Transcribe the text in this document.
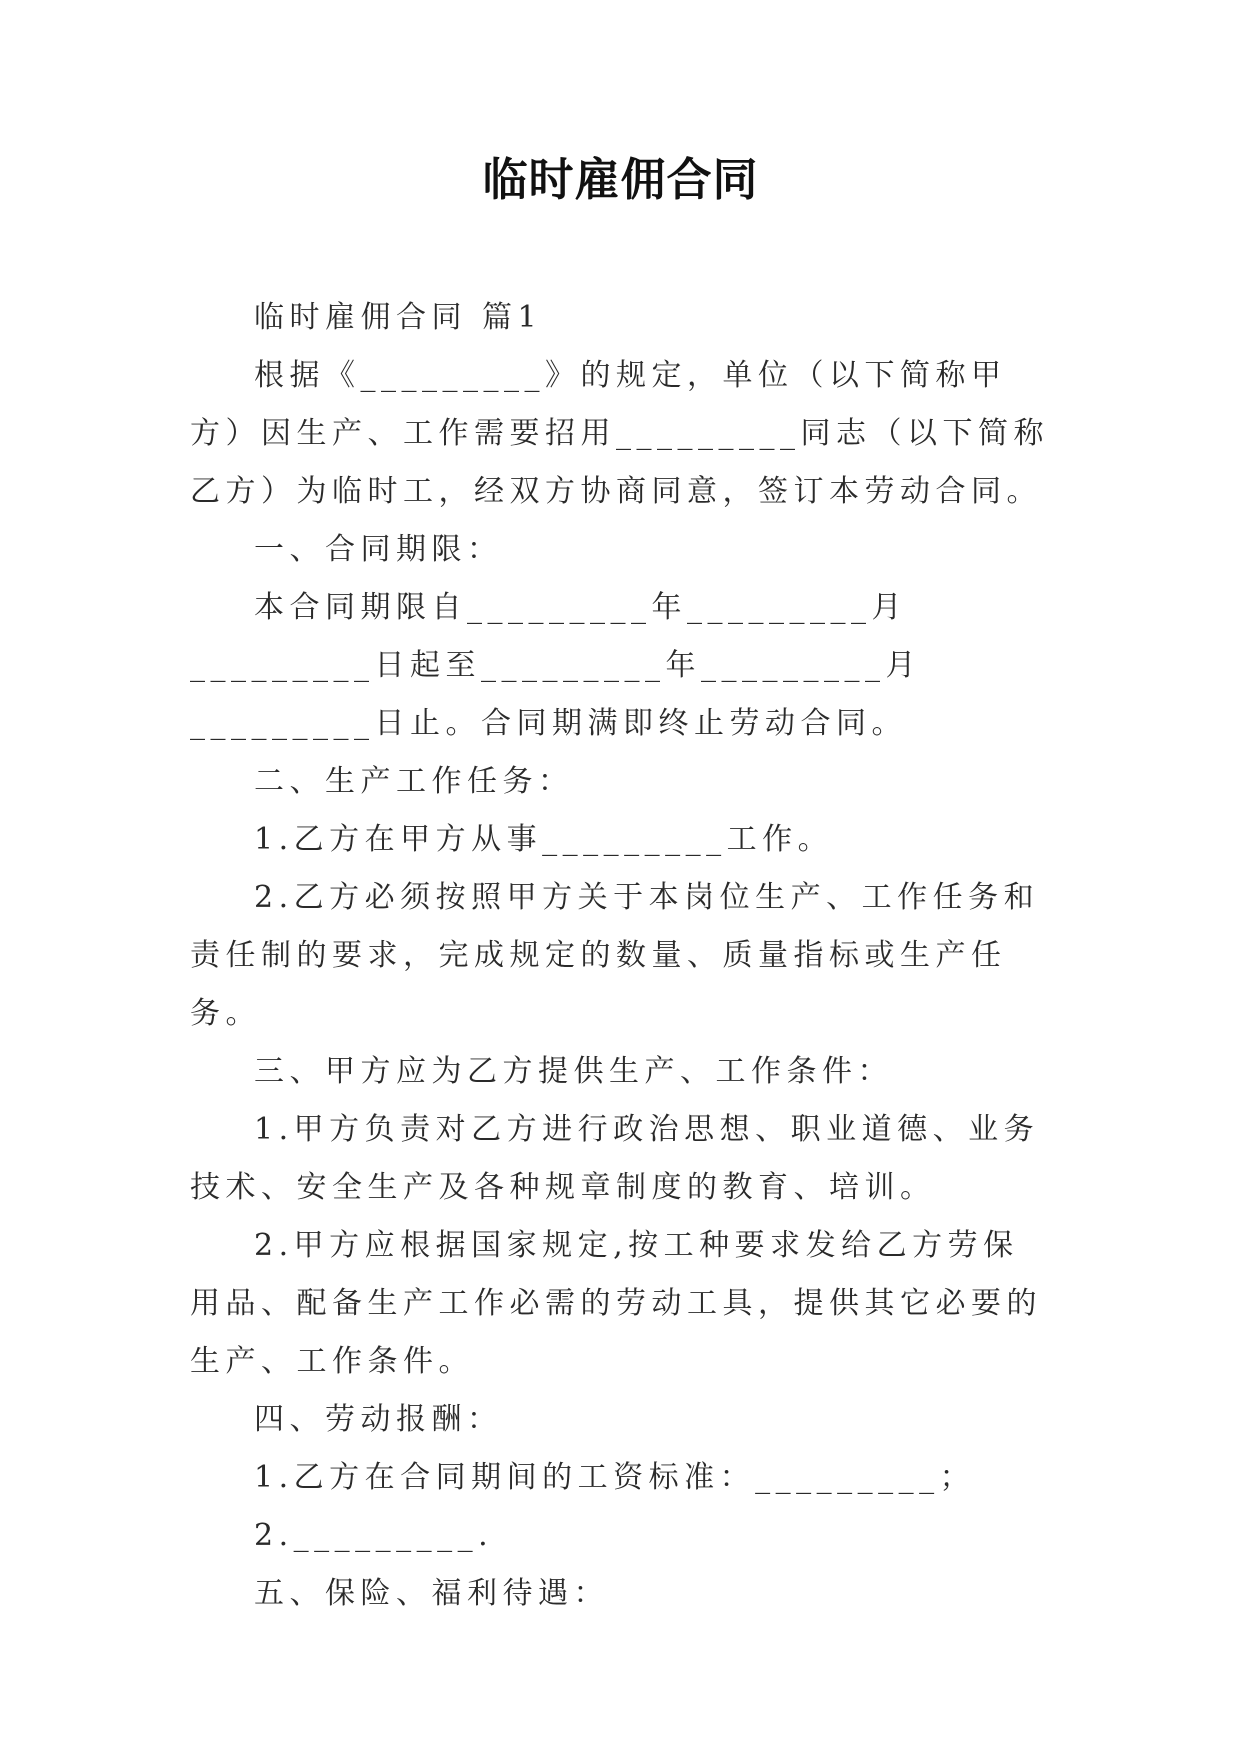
临时雇佣合同

临时雇佣合同 篇1

根据《_________》的规定，单位（以下简称甲方）因生产、工作需要招用_________同志（以下简称乙方）为临时工，经双方协商同意，签订本劳动合同。

一、合同期限：

本合同期限自_________年_________月_________日起至_________年_________月_________日止。合同期满即终止劳动合同。

二、生产工作任务：

1.乙方在甲方从事_________工作。

2.乙方必须按照甲方关于本岗位生产、工作任务和责任制的要求，完成规定的数量、质量指标或生产任务。

三、甲方应为乙方提供生产、工作条件：

1.甲方负责对乙方进行政治思想、职业道德、业务技术、安全生产及各种规章制度的教育、培训。

2.甲方应根据国家规定,按工种要求发给乙方劳保用品、配备生产工作必需的劳动工具，提供其它必要的生产、工作条件。

四、劳动报酬：

1.乙方在合同期间的工资标准：_________；

2._________.

五、保险、福利待遇：
